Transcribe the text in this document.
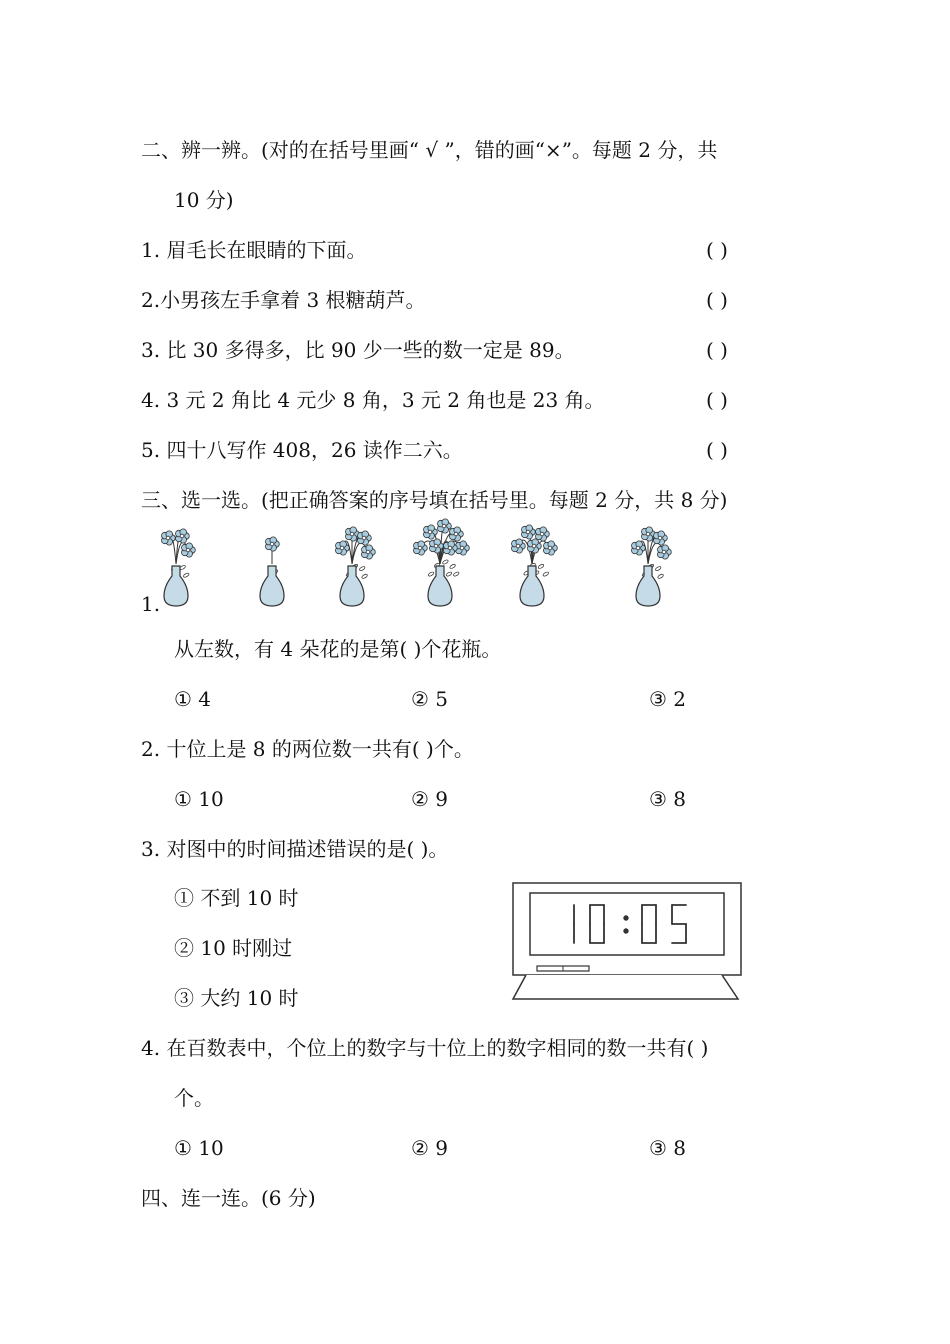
二、辨一辨。(对的在括号里画“ √ ”，错的画“×”。每题 2 分，共
10 分)
1. 眉毛长在眼睛的下面。	( )
2.小男孩左手拿着 3 根糖葫芦。	( )
3. 比 30 多得多，比 90 少一些的数一定是 89。	( )
4. 3 元 2 角比 4 元少 8 角，3 元 2 角也是 23 角。	( )
5. 四十八写作 408，26 读作二六。	( )
三、选一选。(把正确答案的序号填在括号里。每题 2 分，共 8 分)
1.
从左数，有 4 朵花的是第( )个花瓶。
① 4	② 5	③ 2
2. 十位上是 8 的两位数一共有( )个。
① 10	② 9	③ 8
3. 对图中的时间描述错误的是( )。
① 不到 10 时
② 10 时刚过
③ 大约 10 时
4. 在百数表中，个位上的数字与十位上的数字相同的数一共有( )
个。
① 10	② 9	③ 8
四、连一连。(6 分)
